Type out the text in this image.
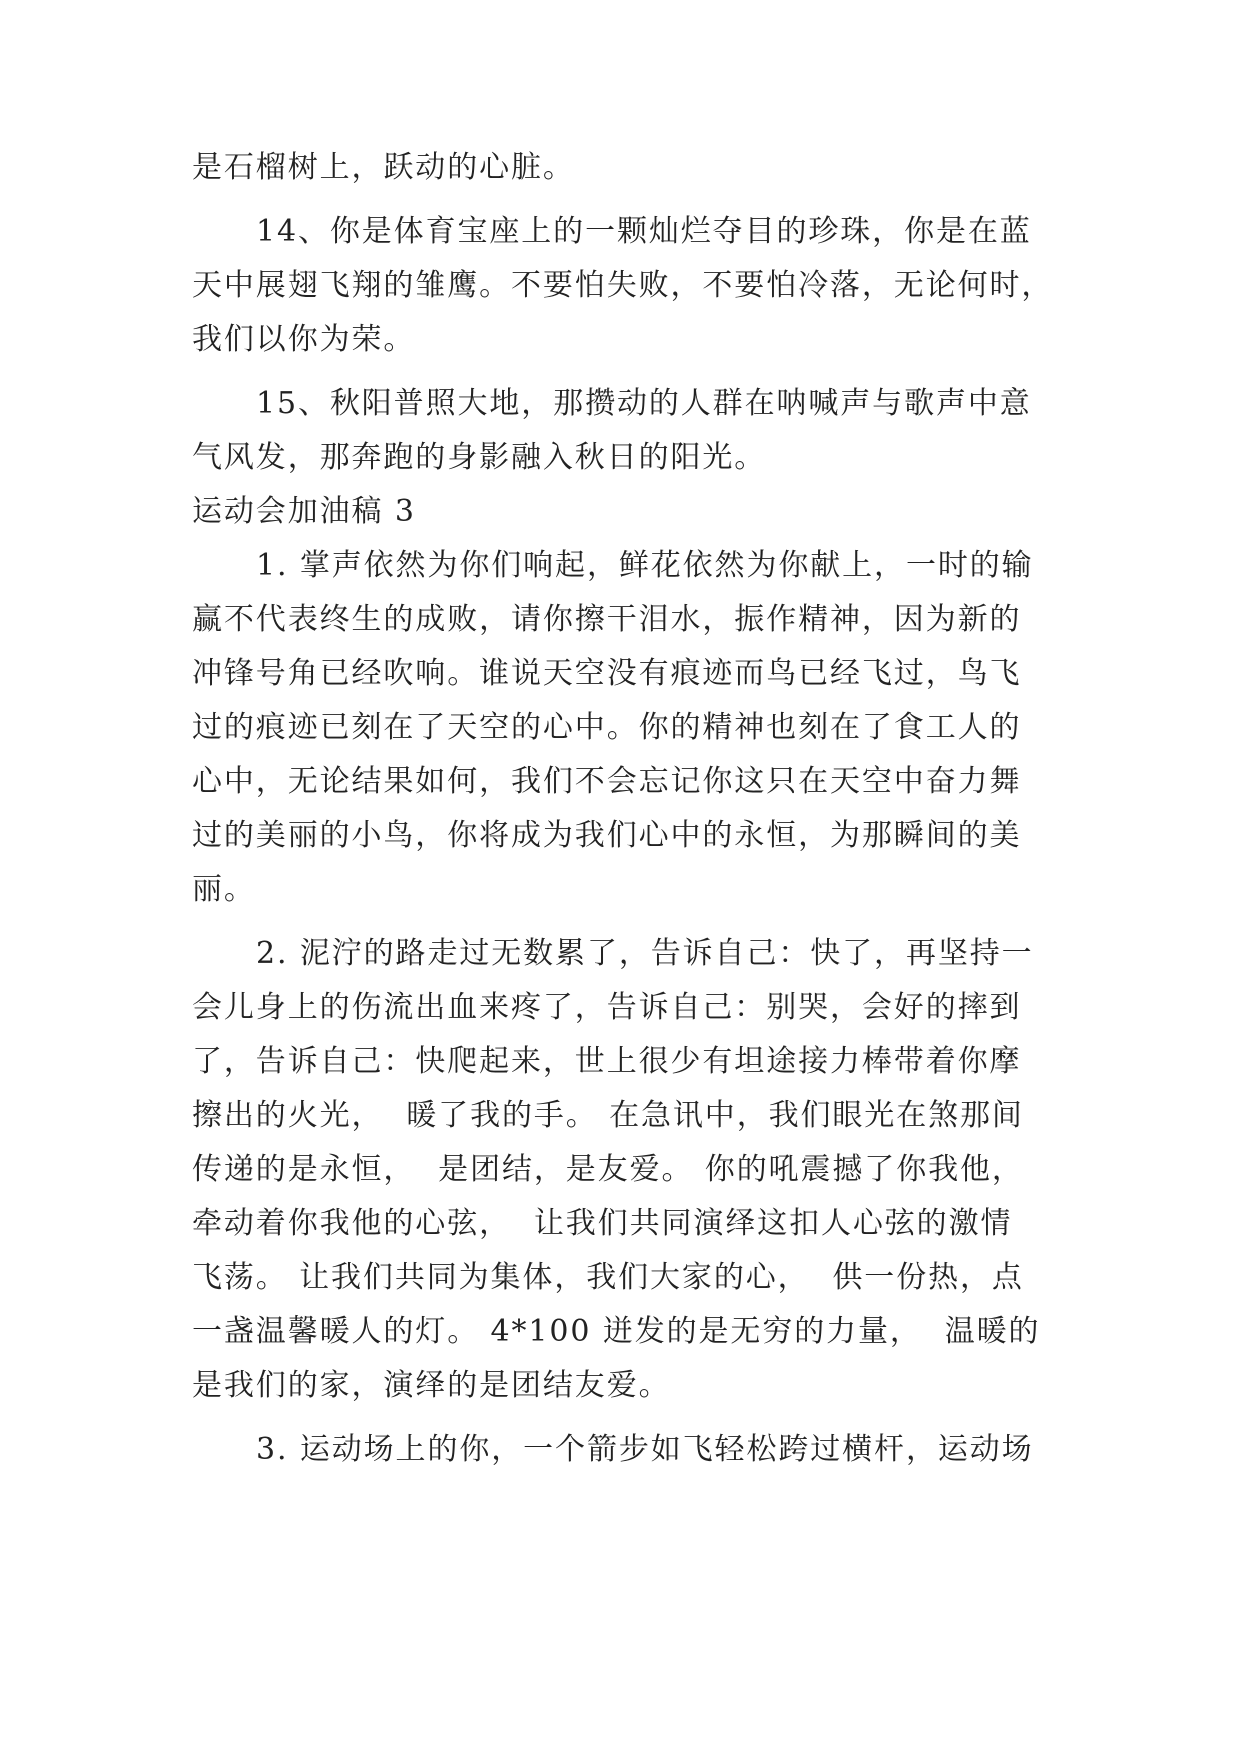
是石榴树上，跃动的心脏。
14、你是体育宝座上的一颗灿烂夺目的珍珠，你是在蓝
天中展翅飞翔的雏鹰。不要怕失败，不要怕冷落，无论何时，
我们以你为荣。
15、秋阳普照大地，那攒动的人群在呐喊声与歌声中意
气风发，那奔跑的身影融入秋日的阳光。
运动会加油稿 3
1. 掌声依然为你们响起，鲜花依然为你献上，一时的输
赢不代表终生的成败，请你擦干泪水，振作精神，因为新的
冲锋号角已经吹响。谁说天空没有痕迹而鸟已经飞过，鸟飞
过的痕迹已刻在了天空的心中。你的精神也刻在了食工人的
心中，无论结果如何，我们不会忘记你这只在天空中奋力舞
过的美丽的小鸟，你将成为我们心中的永恒，为那瞬间的美
丽。
2. 泥泞的路走过无数累了，告诉自己：快了，再坚持一
会儿身上的伤流出血来疼了，告诉自己：别哭，会好的摔到
了，告诉自己：快爬起来，世上很少有坦途接力棒带着你摩
擦出的火光，  暖了我的手。 在急讯中，我们眼光在煞那间
传递的是永恒，  是团结，是友爱。 你的吼震撼了你我他，
牵动着你我他的心弦，  让我们共同演绎这扣人心弦的激情
飞荡。 让我们共同为集体，我们大家的心，  供一份热，点
一盏温馨暖人的灯。 4*100 迸发的是无穷的力量，  温暖的
是我们的家，演绎的是团结友爱。
3. 运动场上的你，一个箭步如飞轻松跨过横杆，运动场
